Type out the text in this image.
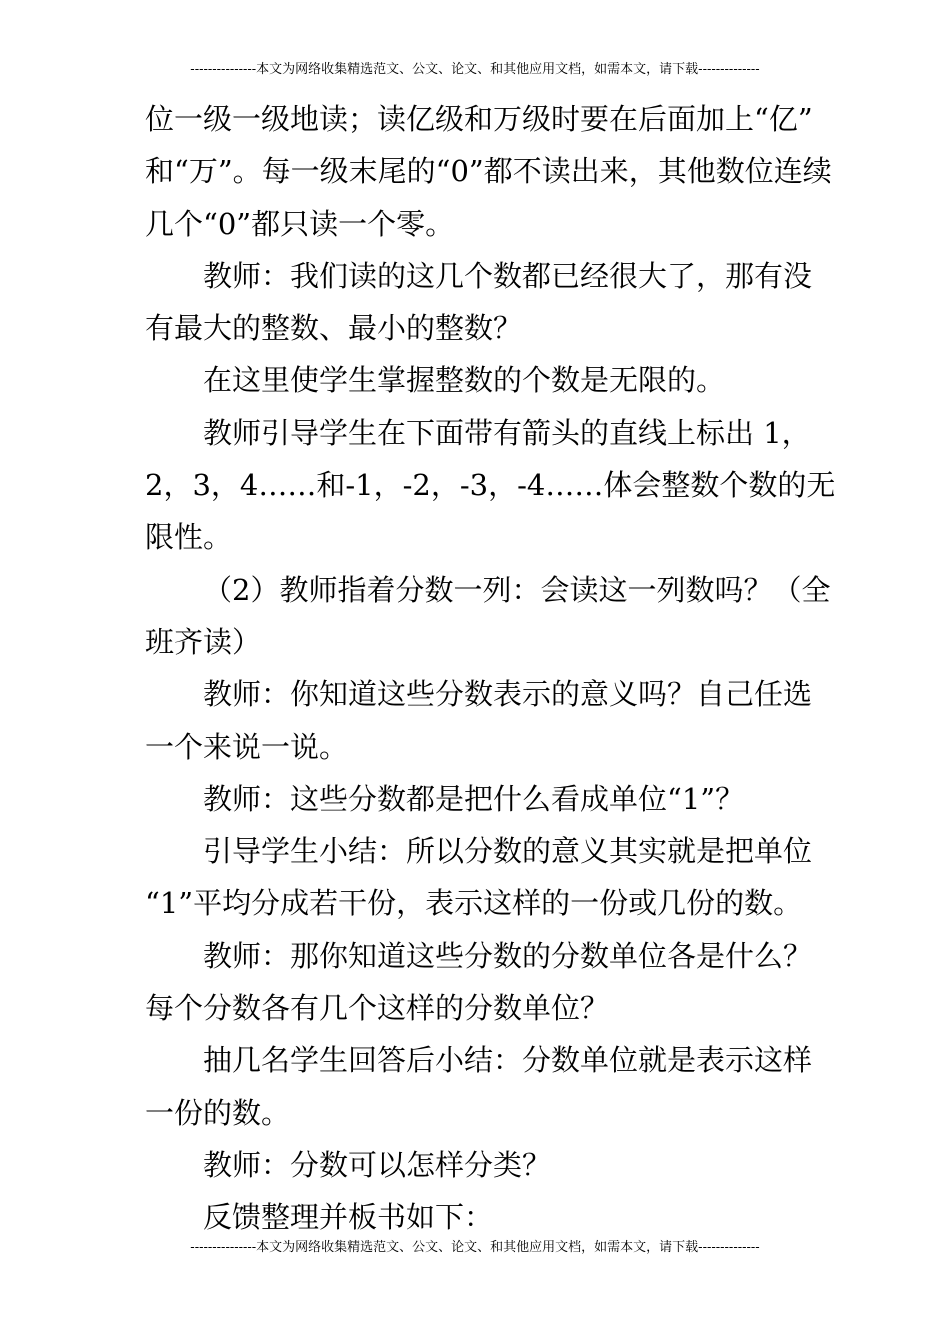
---------------本文为网络收集精选范文、公文、论文、和其他应用文档，如需本文，请下载--------------
位一级一级地读；读亿级和万级时要在后面加上“亿”
和“万”。每一级末尾的“0”都不读出来，其他数位连续
几个“0”都只读一个零。
教师：我们读的这几个数都已经很大了，那有没
有最大的整数、最小的整数？
在这里使学生掌握整数的个数是无限的。
教师引导学生在下面带有箭头的直线上标出 1，
2，3，4……和-1，-2，-3，-4……体会整数个数的无
限性。
（2）教师指着分数一列：会读这一列数吗？（全
班齐读）
教师：你知道这些分数表示的意义吗？自己任选
一个来说一说。
教师：这些分数都是把什么看成单位“1”？
引导学生小结：所以分数的意义其实就是把单位
“1”平均分成若干份，表示这样的一份或几份的数。
教师：那你知道这些分数的分数单位各是什么？
每个分数各有几个这样的分数单位？
抽几名学生回答后小结：分数单位就是表示这样
一份的数。
教师：分数可以怎样分类？
反馈整理并板书如下：
---------------本文为网络收集精选范文、公文、论文、和其他应用文档，如需本文，请下载--------------
